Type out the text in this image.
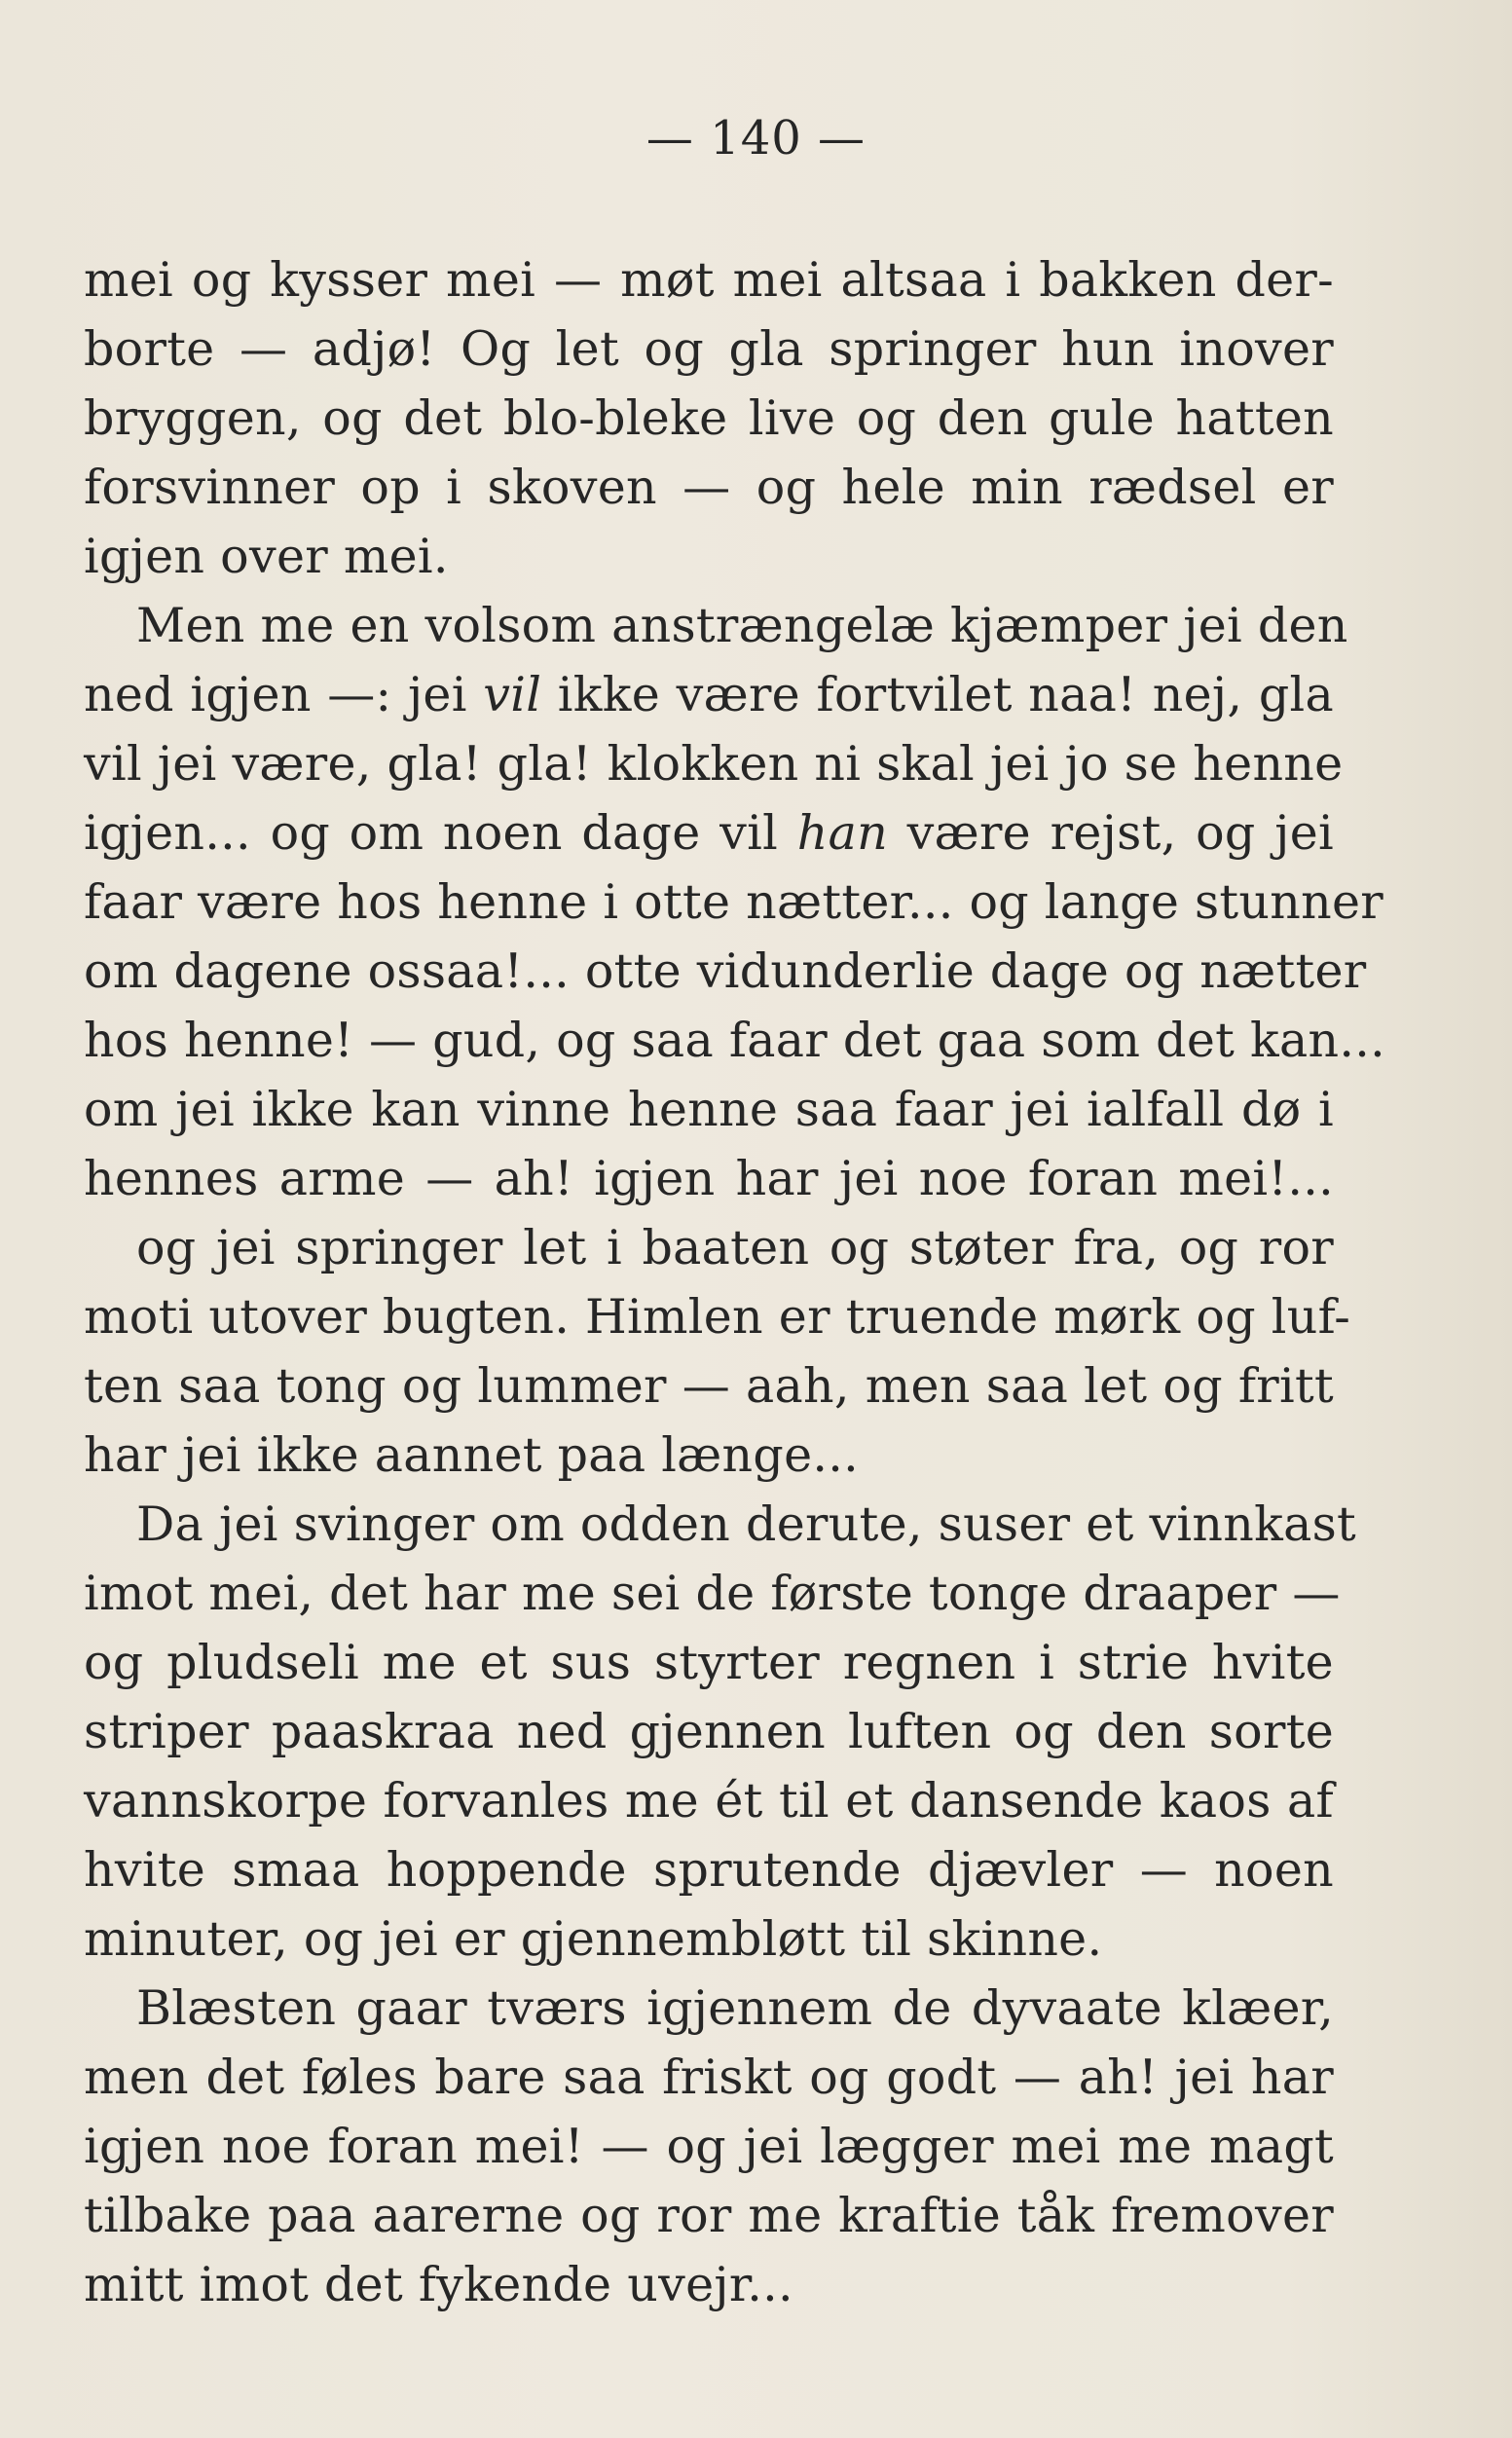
— 140 —
mei og kysser mei — møt mei altsaa i bakken der-
borte — adjø! Og let og gla springer hun inover
bryggen, og det blo-bleke live og den gule hatten
forsvinner op i skoven — og hele min rædsel er
igjen over mei.
Men me en volsom anstrængelæ kjæmper jei den
ned igjen —: jei vil ikke være fortvilet naa! nej, gla
vil jei være, gla! gla! klokken ni skal jei jo se henne
igjen... og om noen dage vil han være rejst, og jei
faar være hos henne i otte nætter... og lange stunner
om dagene ossaa!... otte vidunderlie dage og nætter
hos henne! — gud, og saa faar det gaa som det kan...
om jei ikke kan vinne henne saa faar jei ialfall dø i
hennes arme — ah! igjen har jei noe foran mei!...
og jei springer let i baaten og støter fra, og ror
moti utover bugten. Himlen er truende mørk og luf-
ten saa tong og lummer — aah, men saa let og fritt
har jei ikke aannet paa længe...
Da jei svinger om odden derute, suser et vinnkast
imot mei, det har me sei de første tonge draaper —
og pludseli me et sus styrter regnen i strie hvite
striper paaskraa ned gjennen luften og den sorte
vannskorpe forvanles me ét til et dansende kaos af
hvite smaa hoppende sprutende djævler — noen
minuter, og jei er gjennembløtt til skinne.
Blæsten gaar tværs igjennem de dyvaate klæer,
men det føles bare saa friskt og godt — ah! jei har
igjen noe foran mei! — og jei lægger mei me magt
tilbake paa aarerne og ror me kraftie tåk fremover
mitt imot det fykende uvejr...
